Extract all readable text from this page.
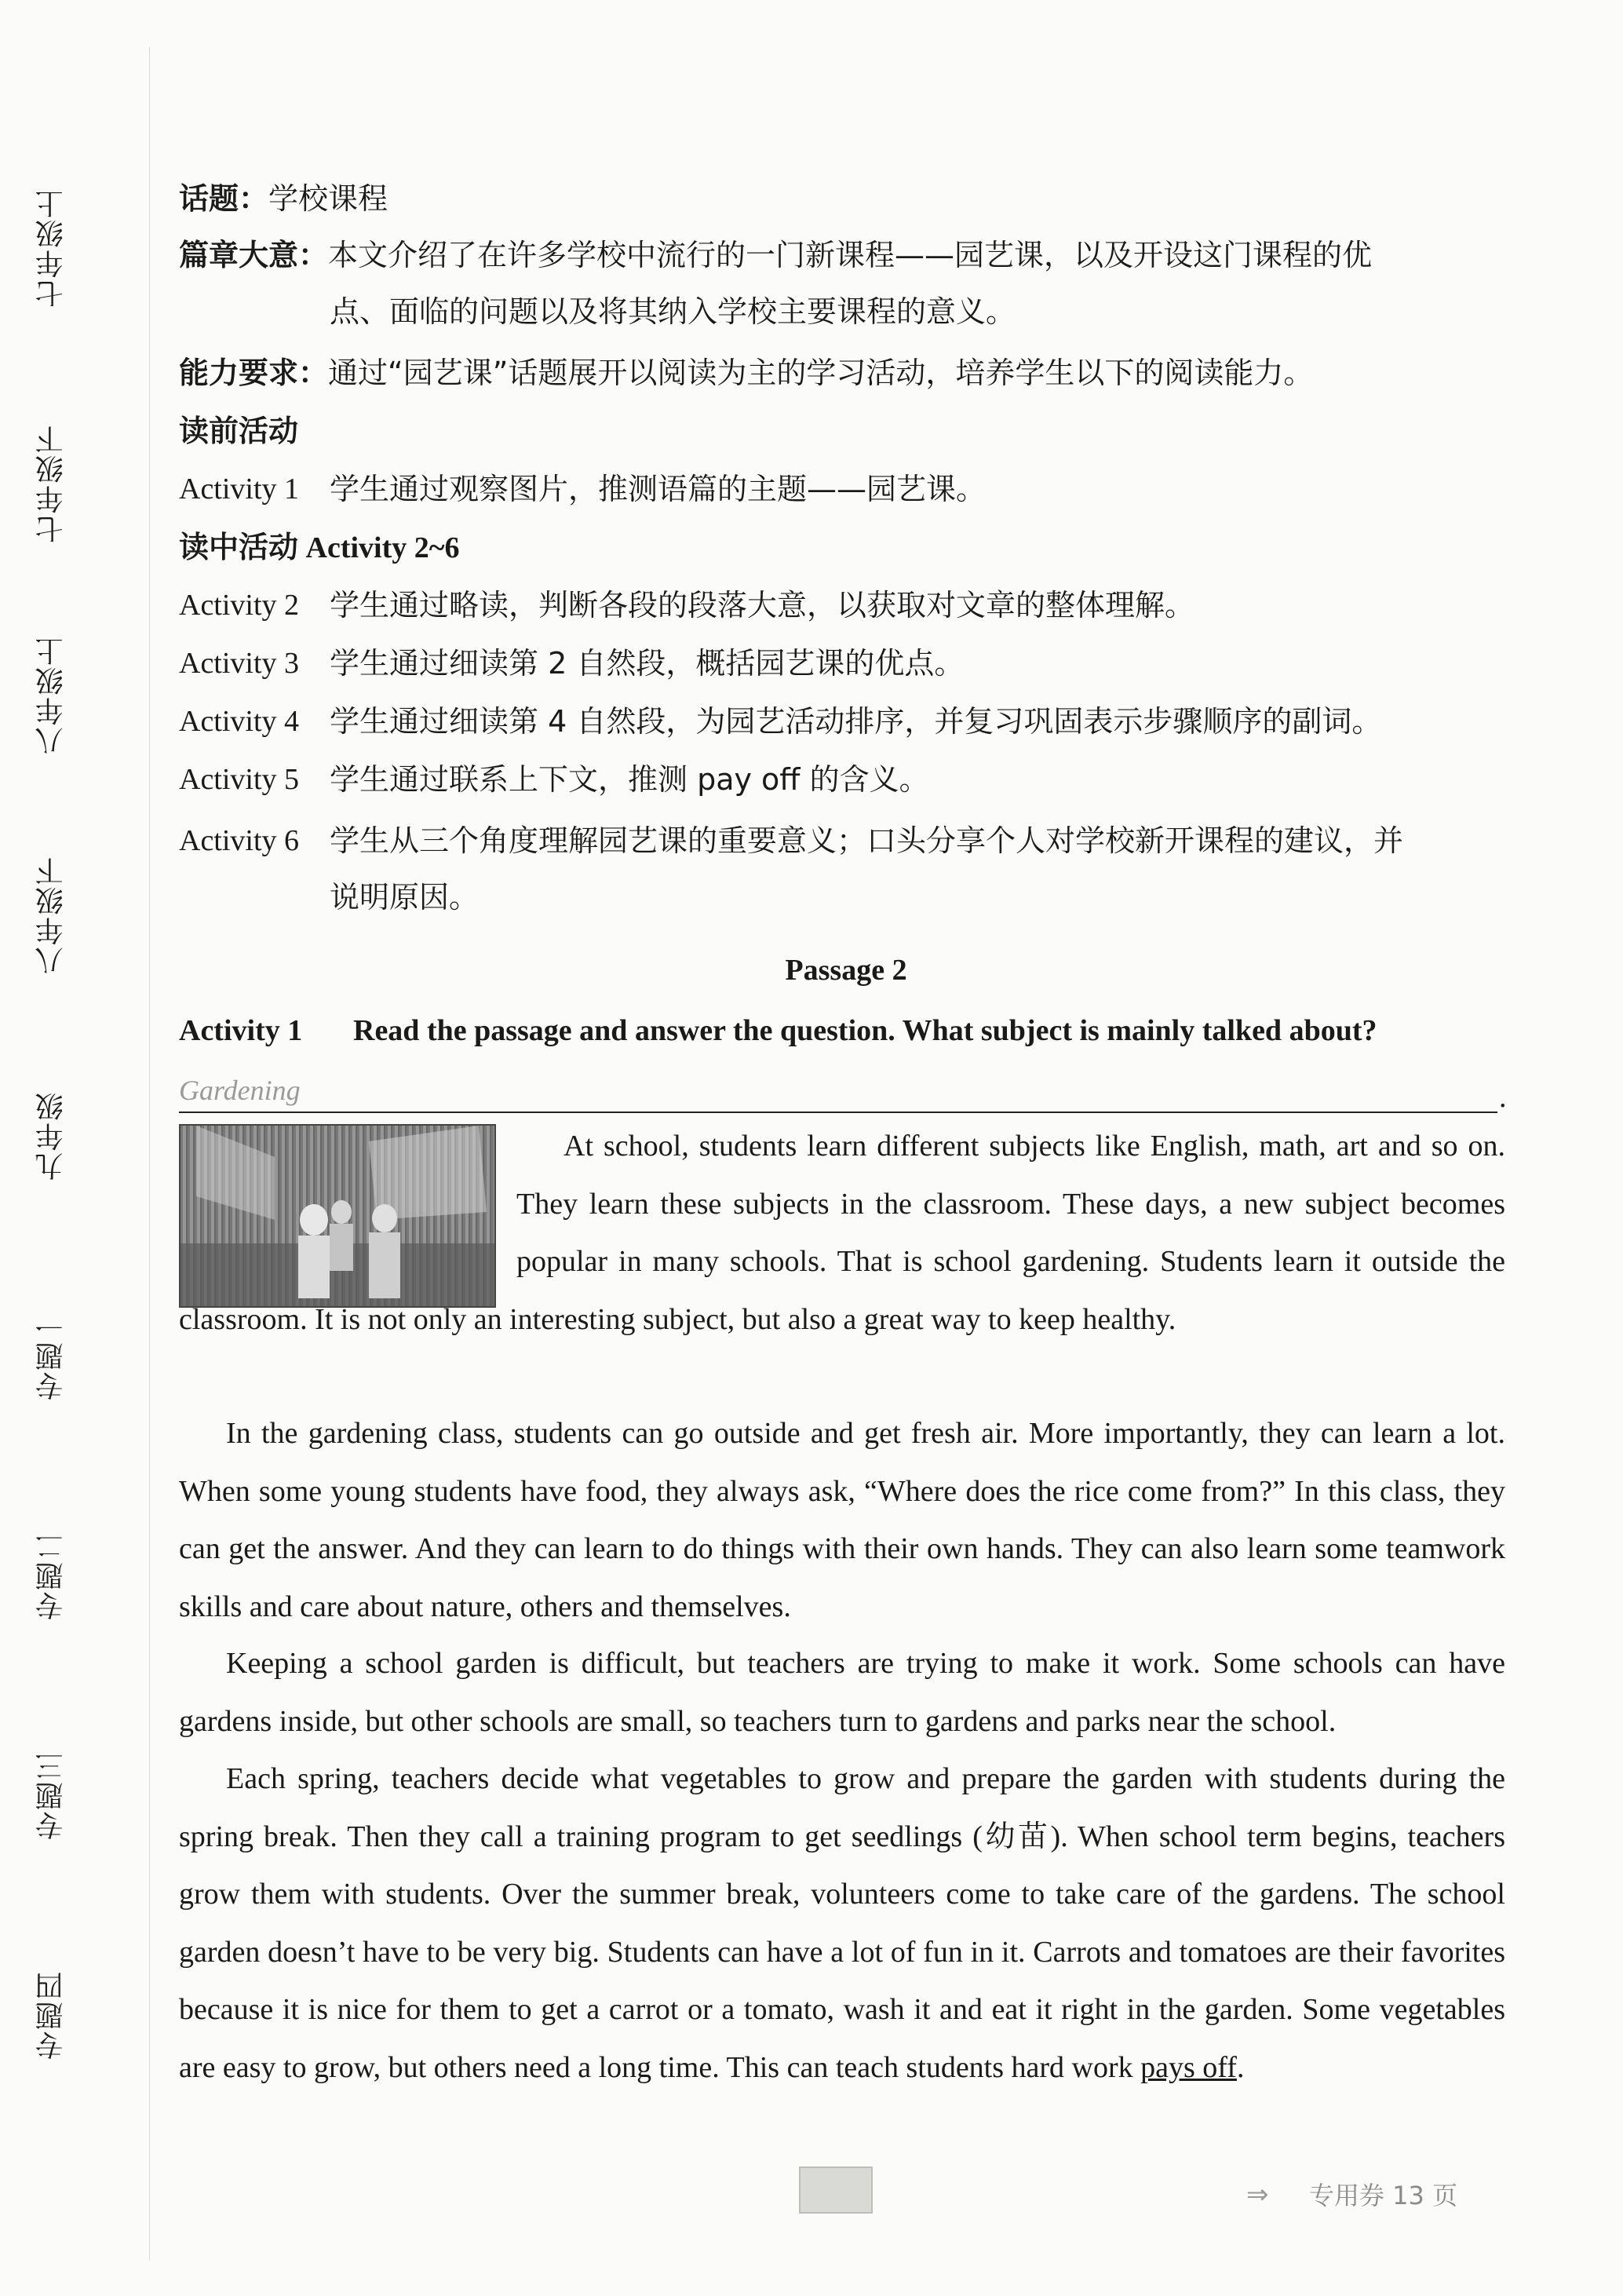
七年级上
七年级下
八年级上
八年级下
九年级
专题一
专题二
专题三
专题四
话题：学校课程
篇章大意：本文介绍了在许多学校中流行的一门新课程——园艺课，以及开设这门课程的优
点、面临的问题以及将其纳入学校主要课程的意义。
能力要求：通过“园艺课”话题展开以阅读为主的学习活动，培养学生以下的阅读能力。
读前活动
Activity 1 学生通过观察图片，推测语篇的主题——园艺课。
读中活动 Activity 2~6
Activity 2 学生通过略读，判断各段的段落大意，以获取对文章的整体理解。
Activity 3 学生通过细读第 2 自然段，概括园艺课的优点。
Activity 4 学生通过细读第 4 自然段，为园艺活动排序，并复习巩固表示步骤顺序的副词。
Activity 5 学生通过联系上下文，推测 pay off 的含义。
Activity 6 学生从三个角度理解园艺课的重要意义；口头分享个人对学校新开课程的建议，并
说明原因。
Passage 2
Activity 1 Read the passage and answer the question. What subject is mainly talked about?
Gardening	.
At school, students learn different subjects like English, math, art and so on. They learn these subjects in the classroom. These days, a new subject becomes popular in many schools. That is school gardening. Students learn it outside the classroom. It is not only an interesting subject, but also a great way to keep healthy.
In the gardening class, students can go outside and get fresh air. More importantly, they can learn a lot. When some young students have food, they always ask, “Where does the rice come from?” In this class, they can get the answer. And they can learn to do things with their own hands. They can also learn some teamwork skills and care about nature, others and themselves.
Keeping a school garden is difficult, but teachers are trying to make it work. Some schools can have gardens inside, but other schools are small, so teachers turn to gardens and parks near the school.
Each spring, teachers decide what vegetables to grow and prepare the garden with students during the spring break. Then they call a training program to get seedlings (幼苗). When school term begins, teachers grow them with students. Over the summer break, volunteers come to take care of the gardens. The school garden doesn’t have to be very big. Students can have a lot of fun in it. Carrots and tomatoes are their favorites because it is nice for them to get a carrot or a tomato, wash it and eat it right in the garden. Some vegetables are easy to grow, but others need a long time. This can teach students hard work pays off.
⇒ 专用券 13 页
